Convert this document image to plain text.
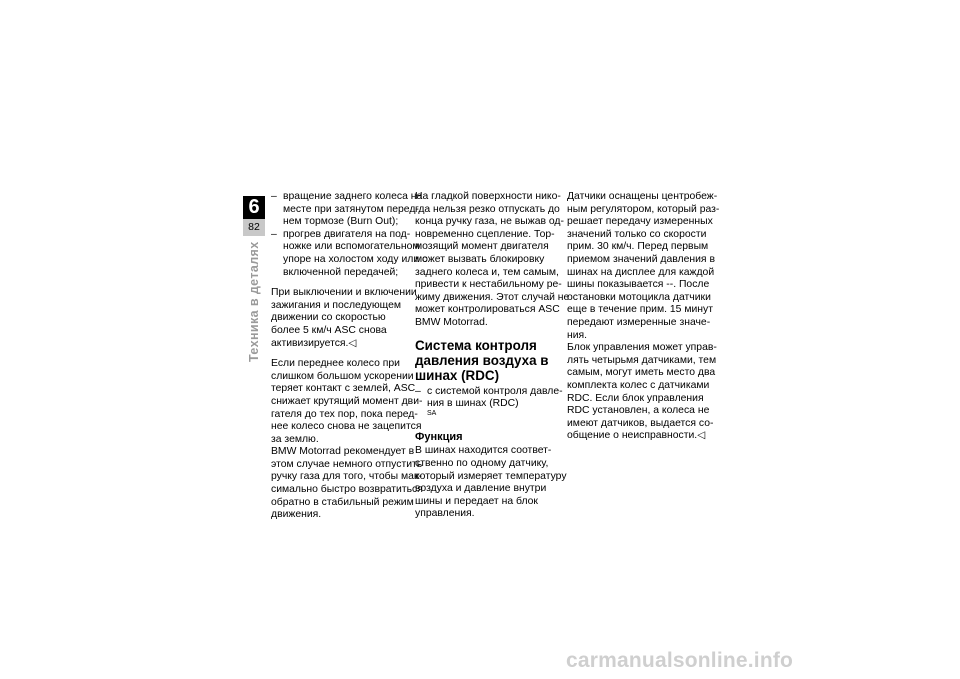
6
82
Техника в деталях
– вращение заднего колеса на
месте при затянутом перед-
нем тормозе (Burn Out);
– прогрев двигателя на под-
ножке или вспомогательном
упоре на холостом ходу или с
включенной передачей;
При выключении и включении
зажигания и последующем
движении со скоростью
более 5 км/ч ASC снова
активизируется.◁
Если переднее колесо при
слишком большом ускорении
теряет контакт с землей, ASC
снижает крутящий момент дви-
гателя до тех пор, пока перед-
нее колесо снова не зацепится
за землю.
BMW Motorrad рекомендует в
этом случае немного отпустить
ручку газа для того, чтобы мак-
симально быстро возвратиться
обратно в стабильный режим
движения.
На гладкой поверхности нико-
гда нельзя резко отпускать до
конца ручку газа, не выжав од-
новременно сцепление. Тор-
мозящий момент двигателя
может вызвать блокировку
заднего колеса и, тем самым,
привести к нестабильному ре-
жиму движения. Этот случай не
может контролироваться ASC
BMW Motorrad.
Система контроля
давления воздуха в
шинах (RDC)
– с системой контроля давле-
ния в шинах (RDC)
$^{SA}$
Функция
В шинах находится соответ-
ственно по одному датчику,
который измеряет температуру
воздуха и давление внутри
шины и передает на блок
управления.
Датчики оснащены центробеж-
ным регулятором, который раз-
решает передачу измеренных
значений только со скорости
прим. 30 км/ч. Перед первым
приемом значений давления в
шинах на дисплее для каждой
шины показывается --. После
остановки мотоцикла датчики
еще в течение прим. 15 минут
передают измеренные значе-
ния.
Блок управления может управ-
лять четырьмя датчиками, тем
самым, могут иметь место два
комплекта колес с датчиками
RDC. Если блок управления
RDC установлен, а колеса не
имеют датчиков, выдается со-
общение о неисправности.◁
carmanualsonline.info
